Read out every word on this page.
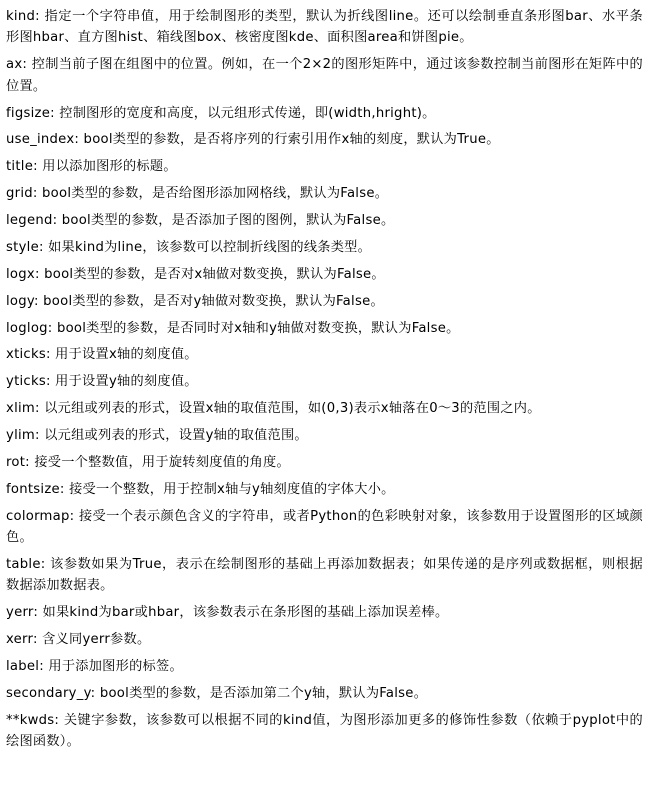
kind: 指定一个字符串值，用于绘制图形的类型，默认为折线图line。还可以绘制垂直条形图bar、水平条形图hbar、直方图hist、箱线图box、核密度图kde、面积图area和饼图pie。
ax: 控制当前子图在组图中的位置。例如，在一个2×2的图形矩阵中，通过该参数控制当前图形在矩阵中的位置。
figsize: 控制图形的宽度和高度，以元组形式传递，即(width,hright)。
use_index: bool类型的参数，是否将序列的行索引用作x轴的刻度，默认为True。
title: 用以添加图形的标题。
grid: bool类型的参数，是否给图形添加网格线，默认为False。
legend: bool类型的参数，是否添加子图的图例，默认为False。
style: 如果kind为line，该参数可以控制折线图的线条类型。
logx: bool类型的参数，是否对x轴做对数变换，默认为False。
logy: bool类型的参数，是否对y轴做对数变换，默认为False。
loglog: bool类型的参数，是否同时对x轴和y轴做对数变换，默认为False。
xticks: 用于设置x轴的刻度值。
yticks: 用于设置y轴的刻度值。
xlim: 以元组或列表的形式，设置x轴的取值范围，如(0,3)表示x轴落在0～3的范围之内。
ylim: 以元组或列表的形式，设置y轴的取值范围。
rot: 接受一个整数值，用于旋转刻度值的角度。
fontsize: 接受一个整数，用于控制x轴与y轴刻度值的字体大小。
colormap: 接受一个表示颜色含义的字符串，或者Python的色彩映射对象，该参数用于设置图形的区域颜色。
table: 该参数如果为True，表示在绘制图形的基础上再添加数据表；如果传递的是序列或数据框，则根据数据添加数据表。
yerr: 如果kind为bar或hbar，该参数表示在条形图的基础上添加误差棒。
xerr: 含义同yerr参数。
label: 用于添加图形的标签。
secondary_y: bool类型的参数，是否添加第二个y轴，默认为False。
**kwds: 关键字参数，该参数可以根据不同的kind值，为图形添加更多的修饰性参数（依赖于pyplot中的绘图函数）。
